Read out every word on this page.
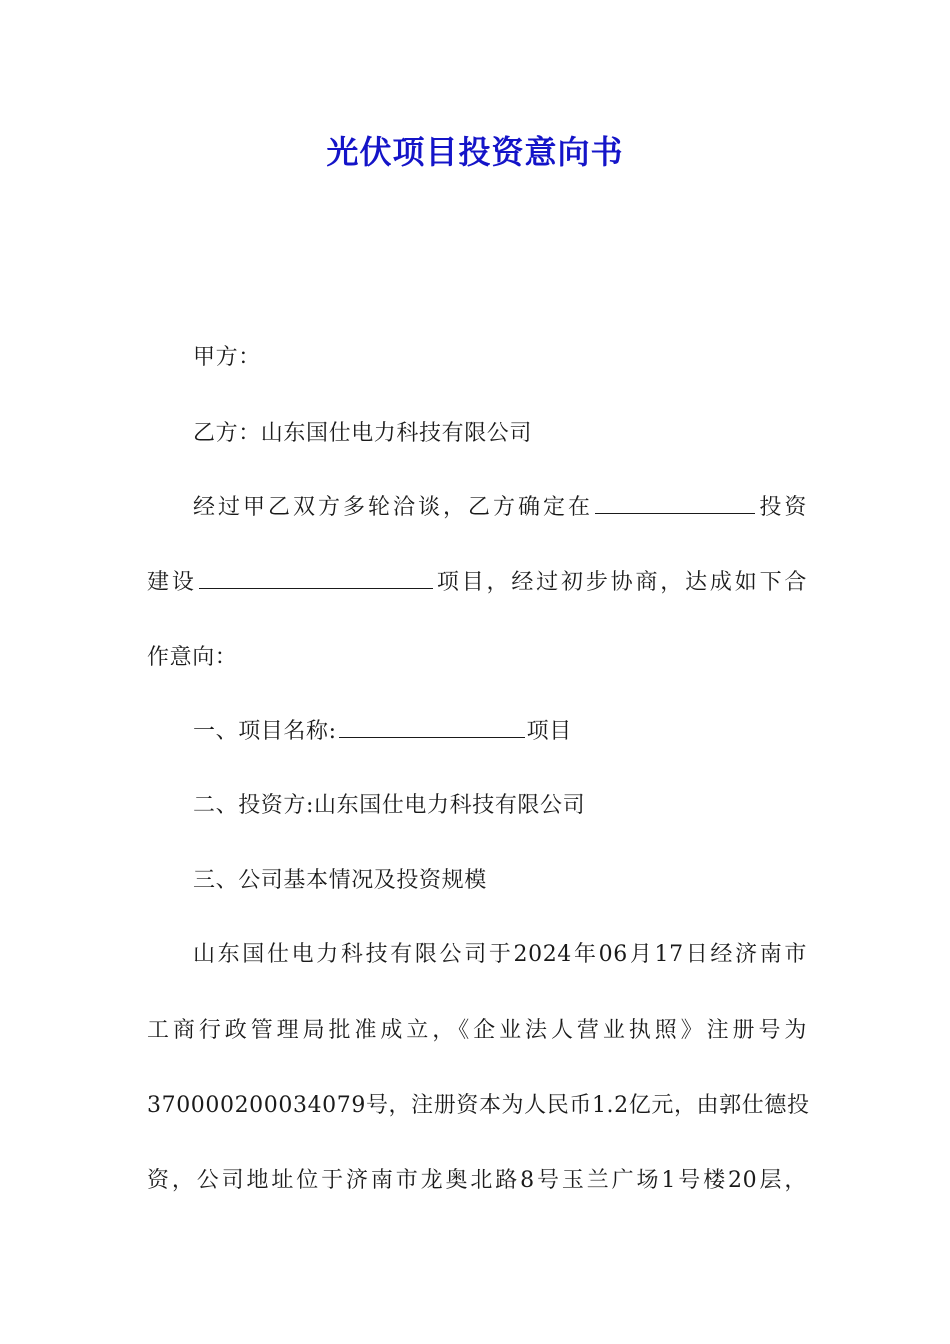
光伏项目投资意向书
甲方：
乙方：山东国仕电力科技有限公司
经过甲乙双方多轮洽谈，乙方确定在	投资
建设	项目，经过初步协商，达成如下合
作意向：
一、项目名称:	项目
二、投资方:山东国仕电力科技有限公司
三、公司基本情况及投资规模
山东国仕电力科技有限公司于2024年06月17日经济南市
工商行政管理局批准成立，《企业法人营业执照》注册号为
370000200034079号，注册资本为人民币1.2亿元，由郭仕德投
资，公司地址位于济南市龙奥北路8号玉兰广场1号楼20层，
